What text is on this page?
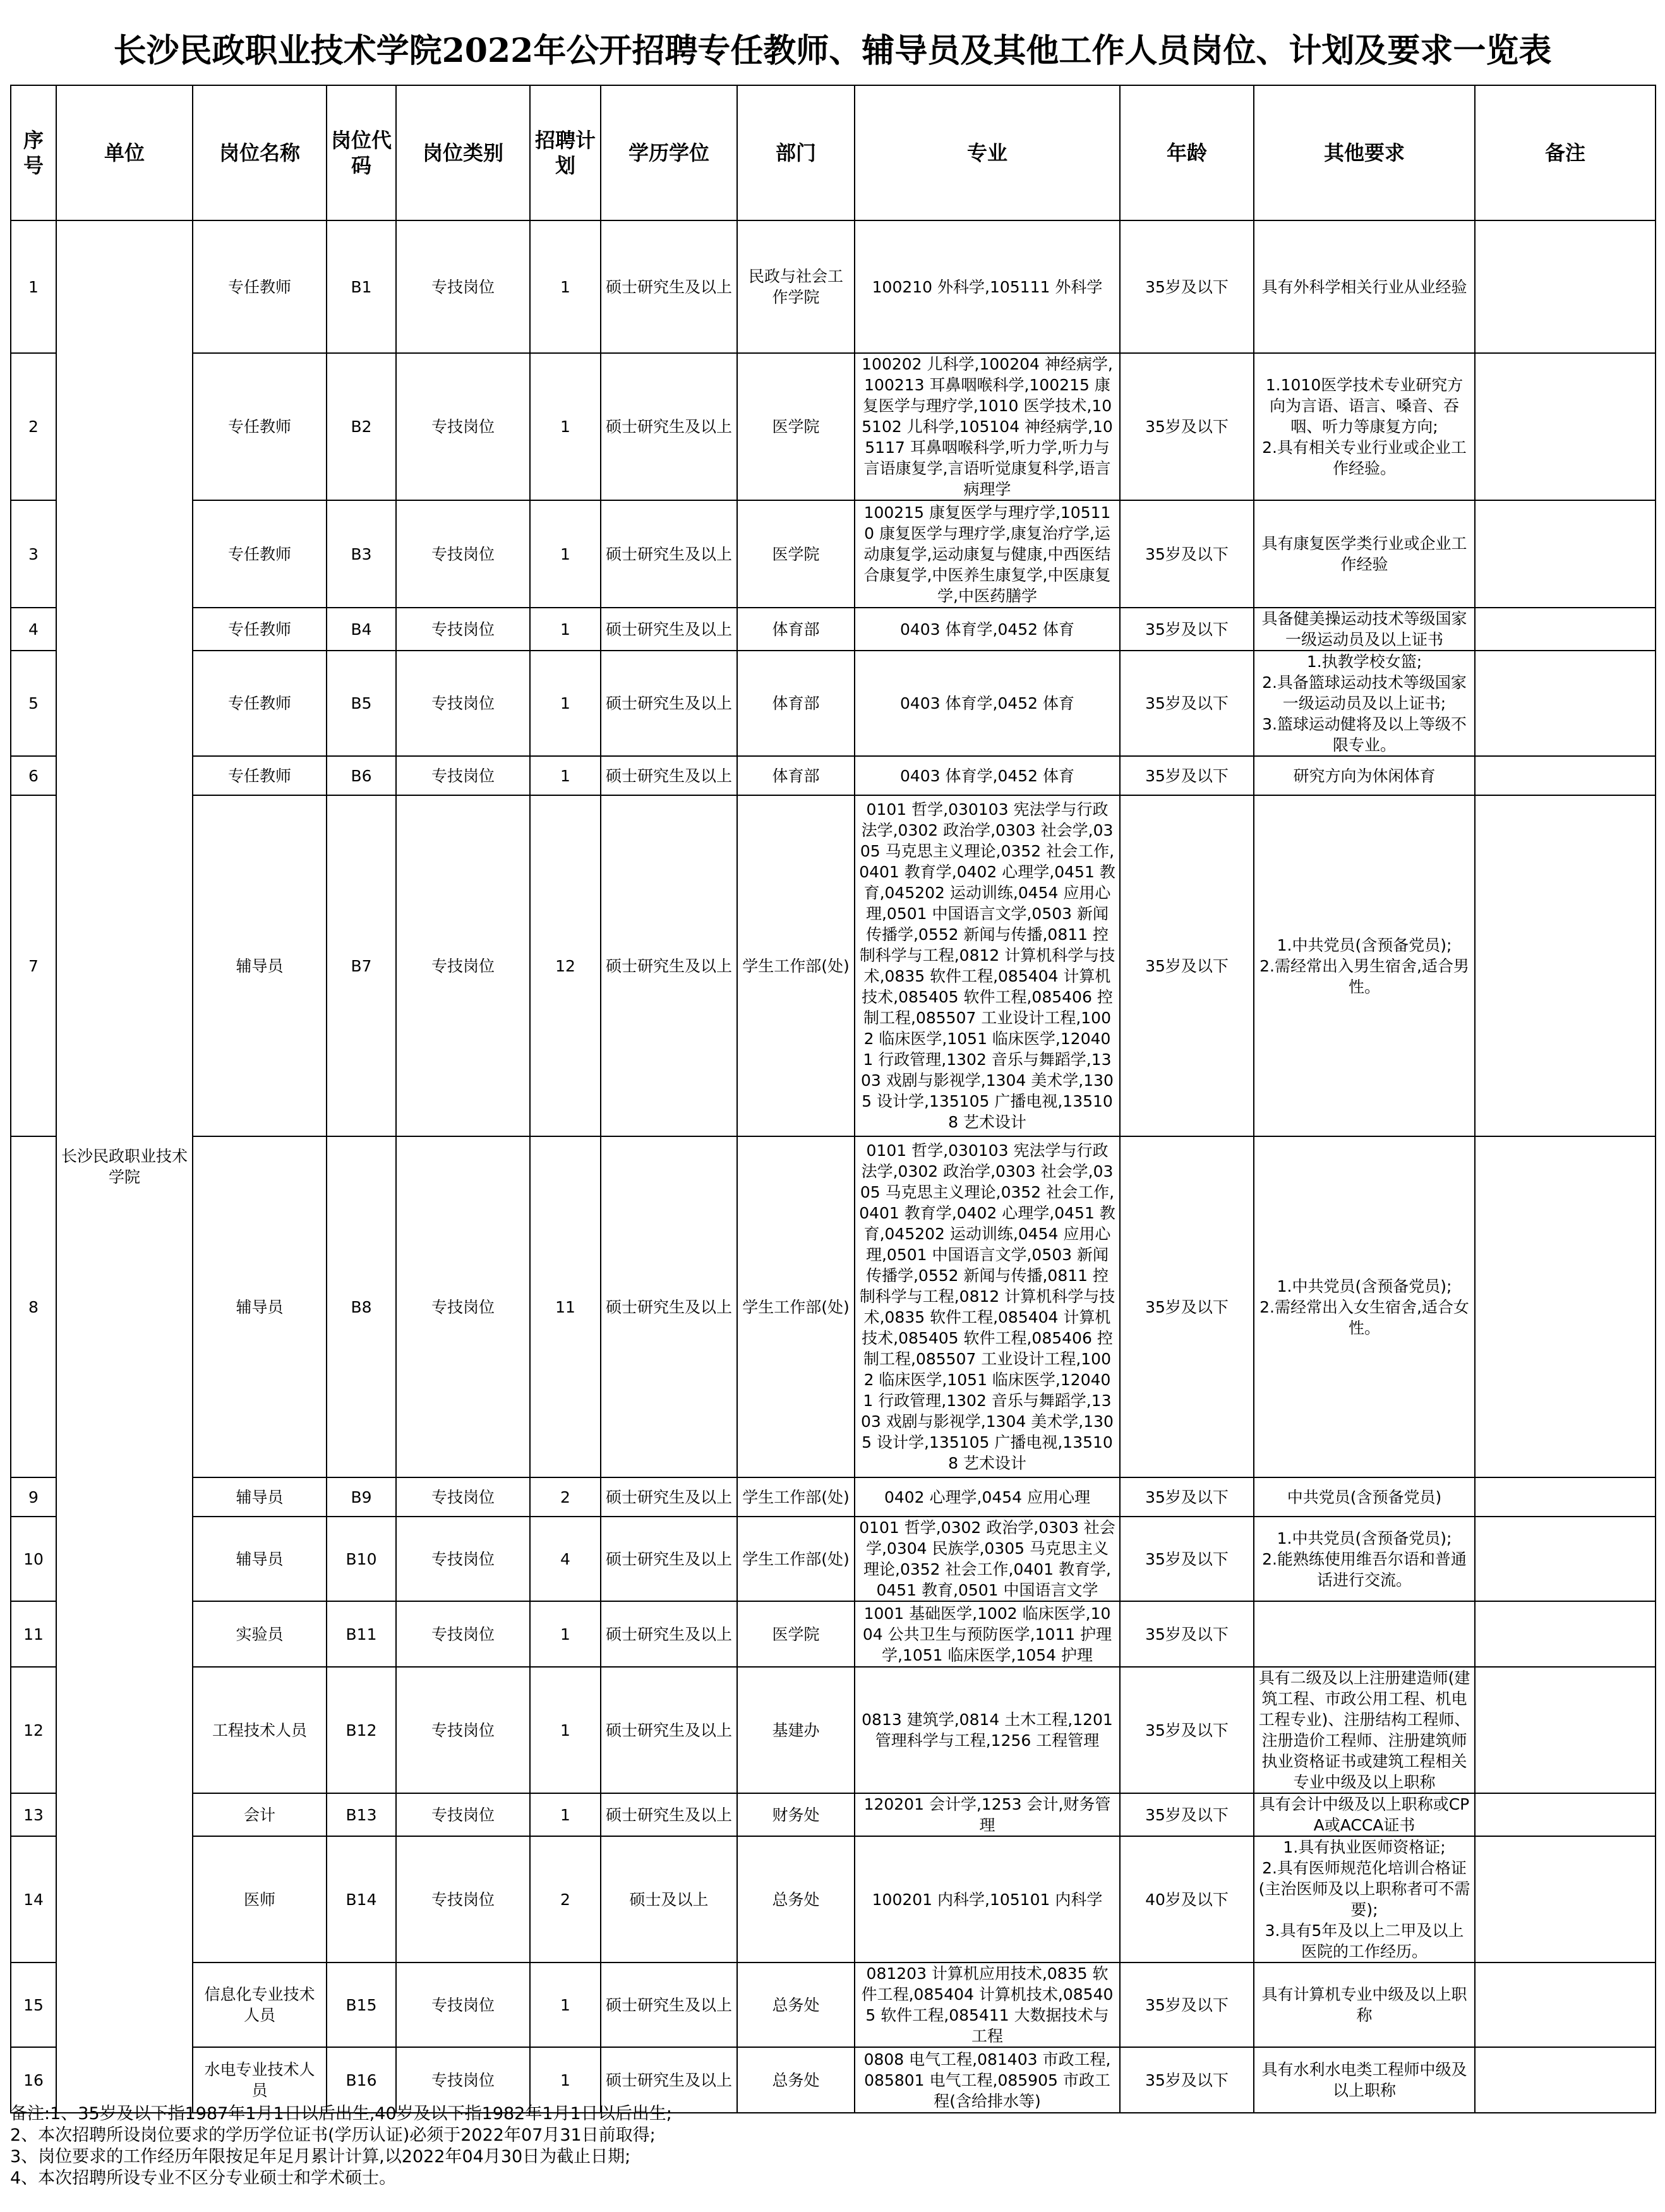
长沙民政职业技术学院2022年公开招聘专任教师、辅导员及其他工作人员岗位、计划及要求一览表
序号	单位	岗位名称	岗位代码	岗位类别	招聘计划	学历学位	部门	专业	年龄	其他要求	备注
1	长沙民政职业技术学院	专任教师	B1	专技岗位	1	硕士研究生及以上	民政与社会工作学院	100210 外科学,105111 外科学	35岁及以下	具有外科学相关行业从业经验	
2		专任教师	B2	专技岗位	1	硕士研究生及以上	医学院	100202 儿科学,100204 神经病学,100213 耳鼻咽喉科学,100215 康复医学与理疗学,1010 医学技术,105102 儿科学,105104 神经病学,105117 耳鼻咽喉科学,听力学,听力与言语康复学,言语听觉康复科学,语言病理学	35岁及以下	1.1010医学技术专业研究方向为言语、语言、嗓音、吞咽、听力等康复方向;
2.具有相关专业行业或企业工作经验。	
3		专任教师	B3	专技岗位	1	硕士研究生及以上	医学院	100215 康复医学与理疗学,105110 康复医学与理疗学,康复治疗学,运动康复学,运动康复与健康,中西医结合康复学,中医养生康复学,中医康复学,中医药膳学	35岁及以下	具有康复医学类行业或企业工作经验	
4		专任教师	B4	专技岗位	1	硕士研究生及以上	体育部	0403 体育学,0452 体育	35岁及以下	具备健美操运动技术等级国家一级运动员及以上证书	
5		专任教师	B5	专技岗位	1	硕士研究生及以上	体育部	0403 体育学,0452 体育	35岁及以下	1.执教学校女篮;
2.具备篮球运动技术等级国家一级运动员及以上证书;
3.篮球运动健将及以上等级不限专业。	
6		专任教师	B6	专技岗位	1	硕士研究生及以上	体育部	0403 体育学,0452 体育	35岁及以下	研究方向为休闲体育	
7		辅导员	B7	专技岗位	12	硕士研究生及以上	学生工作部(处)	0101 哲学,030103 宪法学与行政法学,0302 政治学,0303 社会学,0305 马克思主义理论,0352 社会工作,0401 教育学,0402 心理学,0451 教育,045202 运动训练,0454 应用心理,0501 中国语言文学,0503 新闻传播学,0552 新闻与传播,0811 控制科学与工程,0812 计算机科学与技术,0835 软件工程,085404 计算机技术,085405 软件工程,085406 控制工程,085507 工业设计工程,1002 临床医学,1051 临床医学,120401 行政管理,1302 音乐与舞蹈学,1303 戏剧与影视学,1304 美术学,1305 设计学,135105 广播电视,135108 艺术设计	35岁及以下	1.中共党员(含预备党员);
2.需经常出入男生宿舍,适合男性。	
8		辅导员	B8	专技岗位	11	硕士研究生及以上	学生工作部(处)	0101 哲学,030103 宪法学与行政法学,0302 政治学,0303 社会学,0305 马克思主义理论,0352 社会工作,0401 教育学,0402 心理学,0451 教育,045202 运动训练,0454 应用心理,0501 中国语言文学,0503 新闻传播学,0552 新闻与传播,0811 控制科学与工程,0812 计算机科学与技术,0835 软件工程,085404 计算机技术,085405 软件工程,085406 控制工程,085507 工业设计工程,1002 临床医学,1051 临床医学,120401 行政管理,1302 音乐与舞蹈学,1303 戏剧与影视学,1304 美术学,1305 设计学,135105 广播电视,135108 艺术设计	35岁及以下	1.中共党员(含预备党员);
2.需经常出入女生宿舍,适合女性。	
9		辅导员	B9	专技岗位	2	硕士研究生及以上	学生工作部(处)	0402 心理学,0454 应用心理	35岁及以下	中共党员(含预备党员)	
10		辅导员	B10	专技岗位	4	硕士研究生及以上	学生工作部(处)	0101 哲学,0302 政治学,0303 社会学,0304 民族学,0305 马克思主义理论,0352 社会工作,0401 教育学,0451 教育,0501 中国语言文学	35岁及以下	1.中共党员(含预备党员);
2.能熟练使用维吾尔语和普通话进行交流。	
11		实验员	B11	专技岗位	1	硕士研究生及以上	医学院	1001 基础医学,1002 临床医学,1004 公共卫生与预防医学,1011 护理学,1051 临床医学,1054 护理	35岁及以下		
12		工程技术人员	B12	专技岗位	1	硕士研究生及以上	基建办	0813 建筑学,0814 土木工程,1201 管理科学与工程,1256 工程管理	35岁及以下	具有二级及以上注册建造师(建筑工程、市政公用工程、机电工程专业)、注册结构工程师、注册造价工程师、注册建筑师执业资格证书或建筑工程相关专业中级及以上职称	
13		会计	B13	专技岗位	1	硕士研究生及以上	财务处	120201 会计学,1253 会计,财务管理	35岁及以下	具有会计中级及以上职称或CPA或ACCA证书	
14		医师	B14	专技岗位	2	硕士及以上	总务处	100201 内科学,105101 内科学	40岁及以下	1.具有执业医师资格证;
2.具有医师规范化培训合格证(主治医师及以上职称者可不需要);
3.具有5年及以上二甲及以上医院的工作经历。	
15		信息化专业技术人员	B15	专技岗位	1	硕士研究生及以上	总务处	081203 计算机应用技术,0835 软件工程,085404 计算机技术,085405 软件工程,085411 大数据技术与工程	35岁及以下	具有计算机专业中级及以上职称	
16		水电专业技术人员	B16	专技岗位	1	硕士研究生及以上	总务处	0808 电气工程,081403 市政工程,085801 电气工程,085905 市政工程(含给排水等)	35岁及以下	具有水利水电类工程师中级及以上职称	
备注:1、35岁及以下指1987年1月1日以后出生,40岁及以下指1982年1月1日以后出生;
2、本次招聘所设岗位要求的学历学位证书(学历认证)必须于2022年07月31日前取得;
3、岗位要求的工作经历年限按足年足月累计计算,以2022年04月30日为截止日期;
4、本次招聘所设专业不区分专业硕士和学术硕士。
